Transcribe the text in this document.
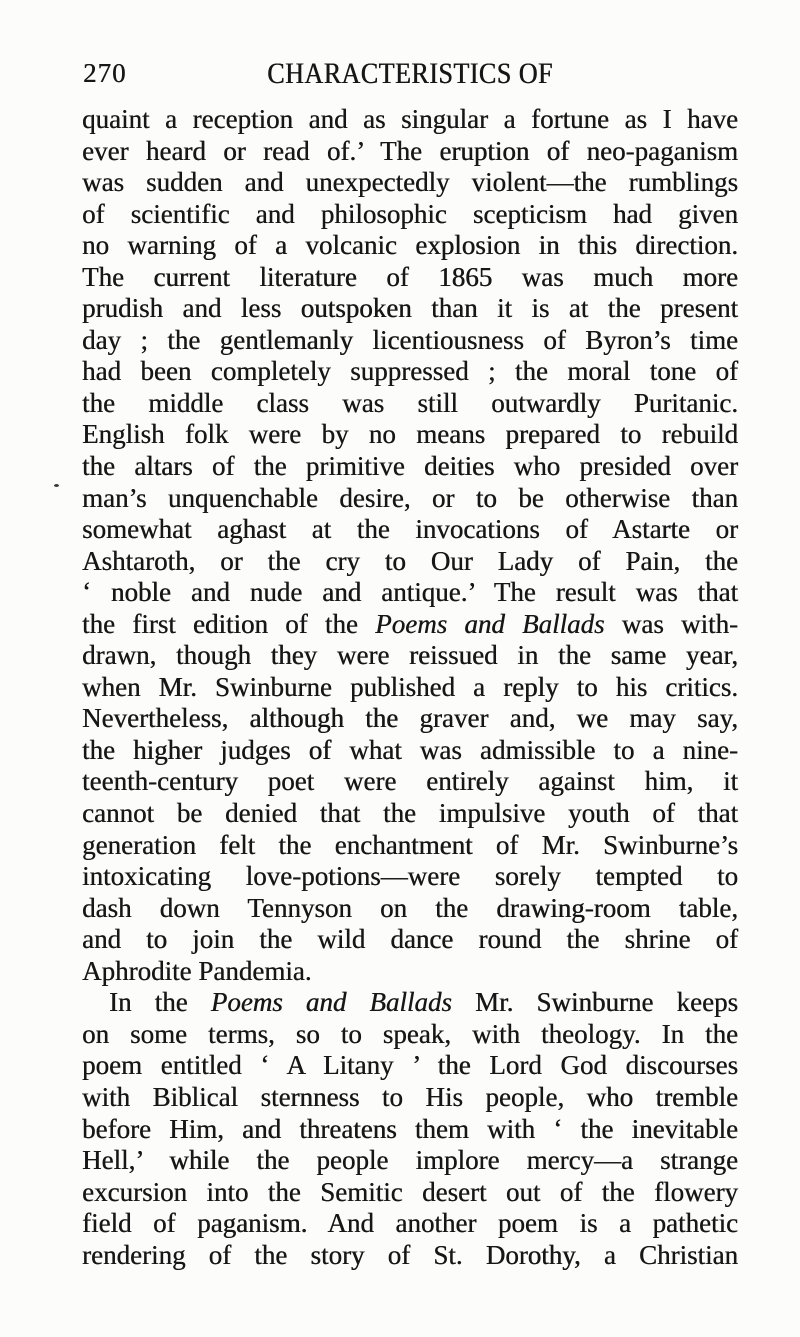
270	CHARACTERISTICS OF
quaint a reception and as singular a fortune as I have
ever heard or read of.’ The eruption of neo-paganism
was sudden and unexpectedly violent—the rumblings
of scientific and philosophic scepticism had given
no warning of a volcanic explosion in this direction.
The current literature of 1865 was much more
prudish and less outspoken than it is at the present
day ; the gentlemanly licentiousness of Byron’s time
had been completely suppressed ; the moral tone of
the middle class was still outwardly Puritanic.
English folk were by no means prepared to rebuild
the altars of the primitive deities who presided over
man’s unquenchable desire, or to be otherwise than
somewhat aghast at the invocations of Astarte or
Ashtaroth, or the cry to Our Lady of Pain, the
‘ noble and nude and antique.’ The result was that
the first edition of the Poems and Ballads was with-
drawn, though they were reissued in the same year,
when Mr. Swinburne published a reply to his critics.
Nevertheless, although the graver and, we may say,
the higher judges of what was admissible to a nine-
teenth-century poet were entirely against him, it
cannot be denied that the impulsive youth of that
generation felt the enchantment of Mr. Swinburne’s
intoxicating love-potions—were sorely tempted to
dash down Tennyson on the drawing-room table,
and to join the wild dance round the shrine of
Aphrodite Pandemia.
In the Poems and Ballads Mr. Swinburne keeps
on some terms, so to speak, with theology. In the
poem entitled ‘ A Litany ’ the Lord God discourses
with Biblical sternness to His people, who tremble
before Him, and threatens them with ‘ the inevitable
Hell,’ while the people implore mercy—a strange
excursion into the Semitic desert out of the flowery
field of paganism. And another poem is a pathetic
rendering of the story of St. Dorothy, a Christian
